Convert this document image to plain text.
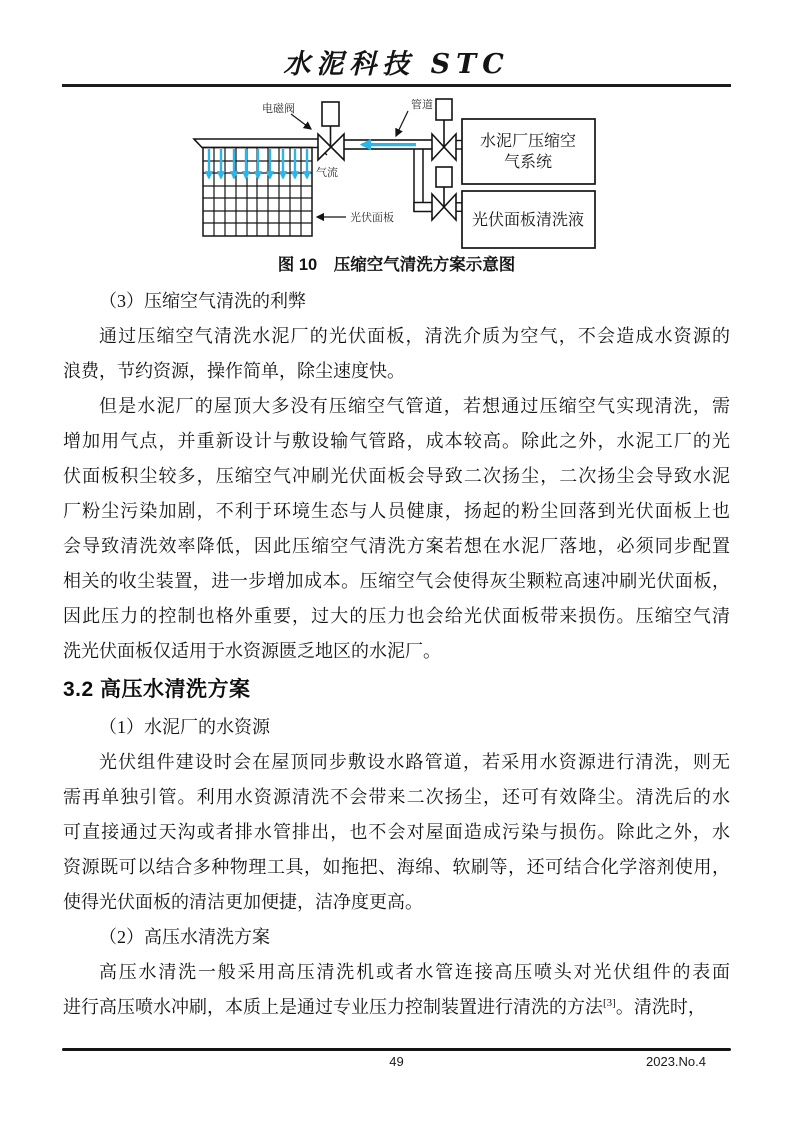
水泥科技 STC
水泥厂压缩空
气系统
光伏面板清洗液
电磁阀	管道
气流
光伏面板
图 10　压缩空气清洗方案示意图
（3）压缩空气清洗的利弊
通过压缩空气清洗水泥厂的光伏面板，清洗介质为空气，不会造成水资源的
浪费，节约资源，操作简单，除尘速度快。
但是水泥厂的屋顶大多没有压缩空气管道，若想通过压缩空气实现清洗，需
增加用气点，并重新设计与敷设输气管路，成本较高。除此之外，水泥工厂的光
伏面板积尘较多，压缩空气冲刷光伏面板会导致二次扬尘，二次扬尘会导致水泥
厂粉尘污染加剧，不利于环境生态与人员健康，扬起的粉尘回落到光伏面板上也
会导致清洗效率降低，因此压缩空气清洗方案若想在水泥厂落地，必须同步配置
相关的收尘装置，进一步增加成本。压缩空气会使得灰尘颗粒高速冲刷光伏面板，
因此压力的控制也格外重要，过大的压力也会给光伏面板带来损伤。压缩空气清
洗光伏面板仅适用于水资源匮乏地区的水泥厂。
3.2 高压水清洗方案
（1）水泥厂的水资源
光伏组件建设时会在屋顶同步敷设水路管道，若采用水资源进行清洗，则无
需再单独引管。利用水资源清洗不会带来二次扬尘，还可有效降尘。清洗后的水
可直接通过天沟或者排水管排出，也不会对屋面造成污染与损伤。除此之外，水
资源既可以结合多种物理工具，如拖把、海绵、软刷等，还可结合化学溶剂使用，
使得光伏面板的清洁更加便捷，洁净度更高。
（2）高压水清洗方案
高压水清洗一般采用高压清洗机或者水管连接高压喷头对光伏组件的表面
进行高压喷水冲刷，本质上是通过专业压力控制装置进行清洗的方法[3]。清洗时，
49	2023.No.4
